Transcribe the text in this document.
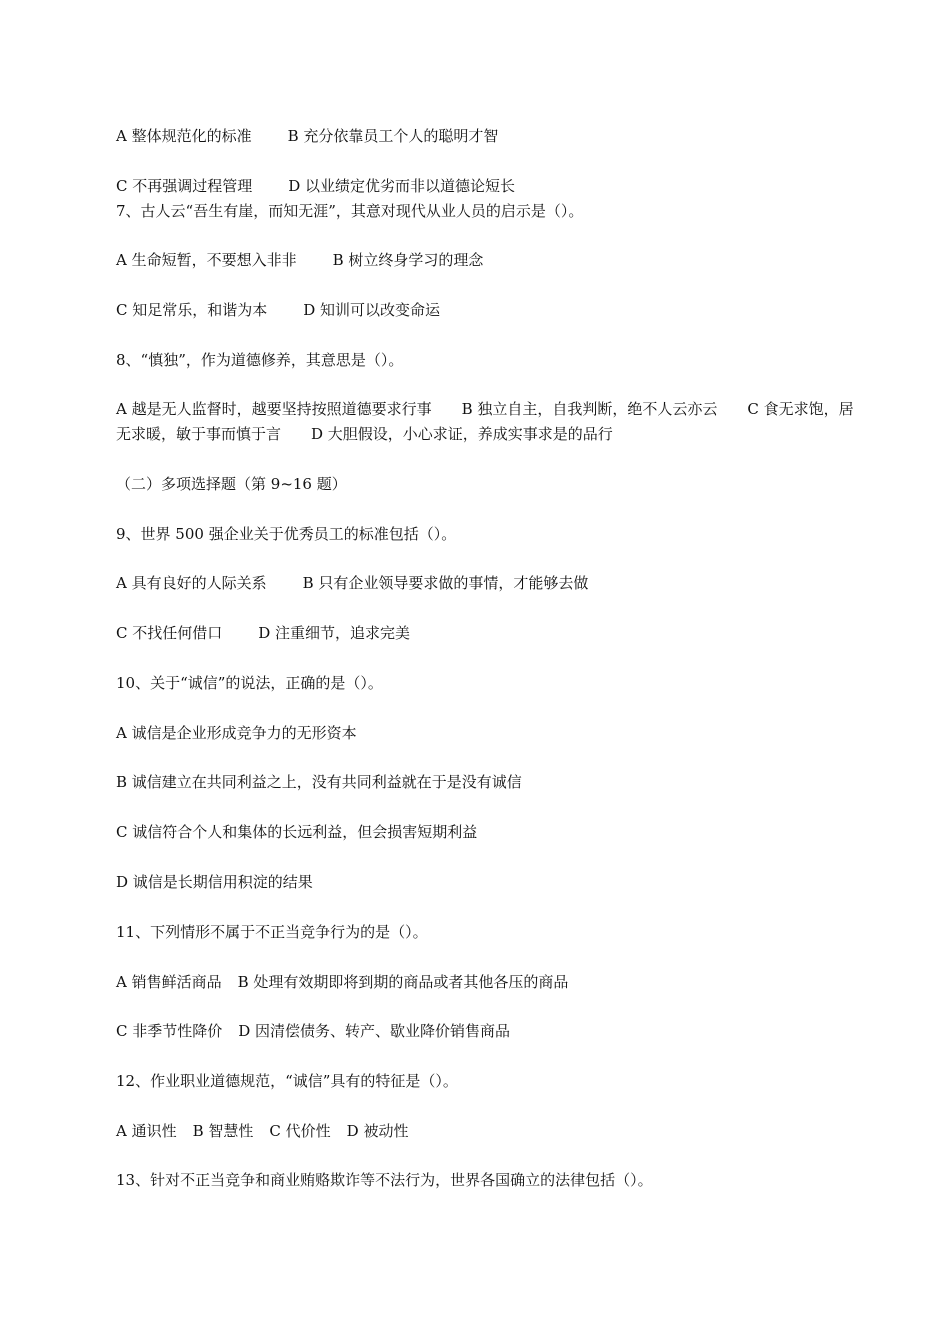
A 整体规范化的标准 B 充分依靠员工个人的聪明才智
C 不再强调过程管理 D 以业绩定优劣而非以道德论短长
7、古人云“吾生有崖，而知无涯”，其意对现代从业人员的启示是（）。
A 生命短暂，不要想入非非 B 树立终身学习的理念
C 知足常乐，和谐为本 D 知训可以改变命运
8、“慎独”，作为道德修养，其意思是（）。
A 越是无人监督时，越要坚持按照道德要求行事　　B 独立自主，自我判断，绝不人云亦云　　C 食无求饱，居无求暖，敏于事而慎于言　　D 大胆假设，小心求证，养成实事求是的品行
（二）多项选择题（第 9~16 题）
9、世界 500 强企业关于优秀员工的标准包括（）。
A 具有良好的人际关系 B 只有企业领导要求做的事情，才能够去做
C 不找任何借口 D 注重细节，追求完美
10、关于“诚信”的说法，正确的是（）。
A 诚信是企业形成竞争力的无形资本
B 诚信建立在共同利益之上，没有共同利益就在于是没有诚信
C 诚信符合个人和集体的长远利益，但会损害短期利益
D 诚信是长期信用积淀的结果
11、下列情形不属于不正当竞争行为的是（）。
A 销售鲜活商品 B 处理有效期即将到期的商品或者其他各压的商品
C 非季节性降价 D 因清偿债务、转产、歇业降价销售商品
12、作业职业道德规范，“诚信”具有的特征是（）。
A 通识性 B 智慧性 C 代价性 D 被动性
13、针对不正当竞争和商业贿赂欺诈等不法行为，世界各国确立的法律包括（）。
